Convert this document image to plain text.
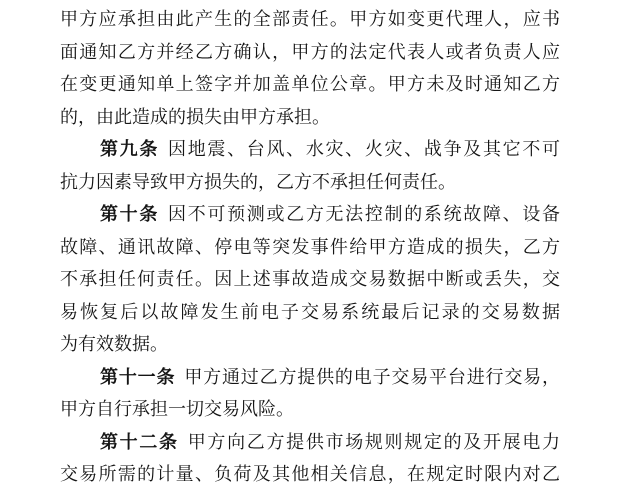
甲方应承担由此产生的全部责任。甲方如变更代理人，应书
面通知乙方并经乙方确认，甲方的法定代表人或者负责人应
在变更通知单上签字并加盖单位公章。甲方未及时通知乙方
的，由此造成的损失由甲方承担。
第九条 因地震、台风、水灾、火灾、战争及其它不可
抗力因素导致甲方损失的，乙方不承担任何责任。
第十条 因不可预测或乙方无法控制的系统故障、设备
故障、通讯故障、停电等突发事件给甲方造成的损失，乙方
不承担任何责任。因上述事故造成交易数据中断或丢失，交
易恢复后以故障发生前电子交易系统最后记录的交易数据
为有效数据。
第十一条 甲方通过乙方提供的电子交易平台进行交易，
甲方自行承担一切交易风险。
第十二条 甲方向乙方提供市场规则规定的及开展电力
交易所需的计量、负荷及其他相关信息，在规定时限内对乙
